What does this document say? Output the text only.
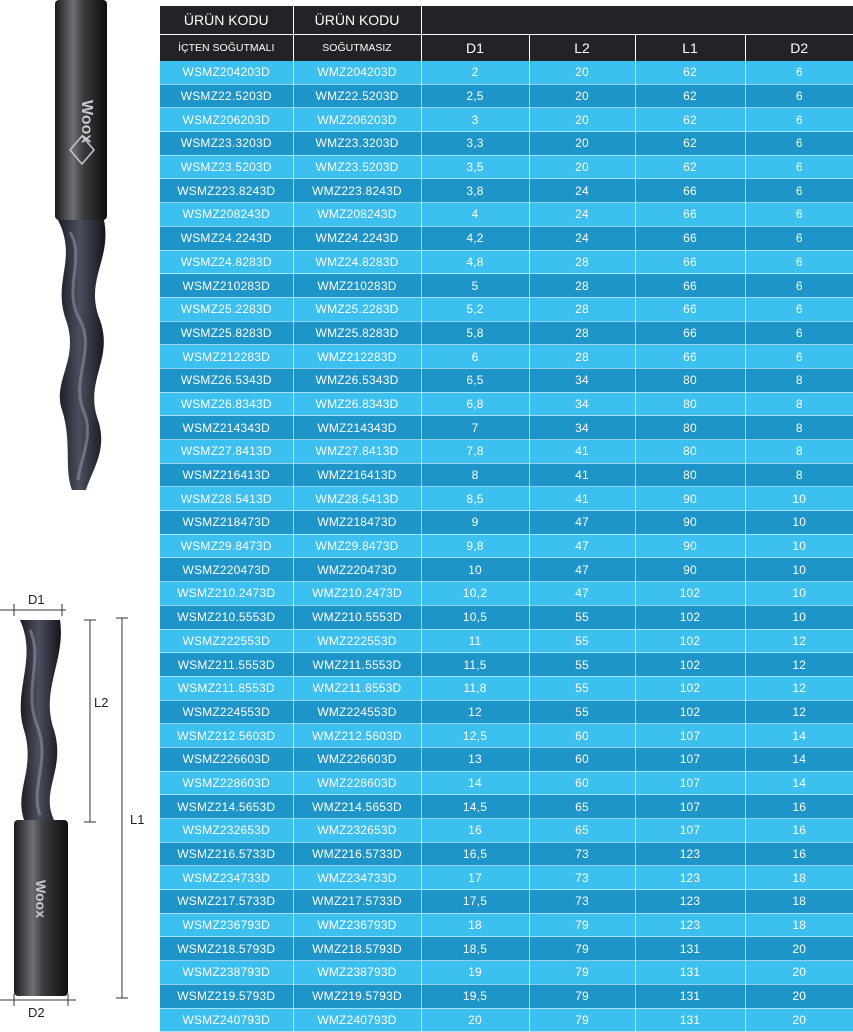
Woox
Woox
D1
L2
L1
D2
ÜRÜN KODU	ÜRÜN KODU				
İÇTEN SOĞUTMALI	SOĞUTMASIZ	D1	L2	L1	D2
WSMZ204203D	WMZ204203D	2	20	62	6
WSMZ22.5203D	WMZ22.5203D	2,5	20	62	6
WSMZ206203D	WMZ206203D	3	20	62	6
WSMZ23.3203D	WMZ23.3203D	3,3	20	62	6
WSMZ23.5203D	WMZ23.5203D	3,5	20	62	6
WSMZ223.8243D	WMZ223.8243D	3,8	24	66	6
WSMZ208243D	WMZ208243D	4	24	66	6
WSMZ24.2243D	WMZ24.2243D	4,2	24	66	6
WSMZ24.8283D	WMZ24.8283D	4,8	28	66	6
WSMZ210283D	WMZ210283D	5	28	66	6
WSMZ25.2283D	WMZ25.2283D	5,2	28	66	6
WSMZ25.8283D	WMZ25.8283D	5,8	28	66	6
WSMZ212283D	WMZ212283D	6	28	66	6
WSMZ26.5343D	WMZ26.5343D	6,5	34	80	8
WSMZ26.8343D	WMZ26.8343D	6,8	34	80	8
WSMZ214343D	WMZ214343D	7	34	80	8
WSMZ27.8413D	WMZ27.8413D	7,8	41	80	8
WSMZ216413D	WMZ216413D	8	41	80	8
WSMZ28.5413D	WMZ28.5413D	8,5	41	90	10
WSMZ218473D	WMZ218473D	9	47	90	10
WSMZ29.8473D	WMZ29.8473D	9,8	47	90	10
WSMZ220473D	WMZ220473D	10	47	90	10
WSMZ210.2473D	WMZ210.2473D	10,2	47	102	10
WSMZ210.5553D	WMZ210.5553D	10,5	55	102	10
WSMZ222553D	WMZ222553D	11	55	102	12
WSMZ211.5553D	WMZ211.5553D	11,5	55	102	12
WSMZ211.8553D	WMZ211.8553D	11,8	55	102	12
WSMZ224553D	WMZ224553D	12	55	102	12
WSMZ212.5603D	WMZ212.5603D	12,5	60	107	14
WSMZ226603D	WMZ226603D	13	60	107	14
WSMZ228603D	WMZ228603D	14	60	107	14
WSMZ214.5653D	WMZ214.5653D	14,5	65	107	16
WSMZ232653D	WMZ232653D	16	65	107	16
WSMZ216.5733D	WMZ216.5733D	16,5	73	123	16
WSMZ234733D	WMZ234733D	17	73	123	18
WSMZ217.5733D	WMZ217.5733D	17,5	73	123	18
WSMZ236793D	WMZ236793D	18	79	123	18
WSMZ218.5793D	WMZ218.5793D	18,5	79	131	20
WSMZ238793D	WMZ238793D	19	79	131	20
WSMZ219.5793D	WMZ219.5793D	19,5	79	131	20
WSMZ240793D	WMZ240793D	20	79	131	20
